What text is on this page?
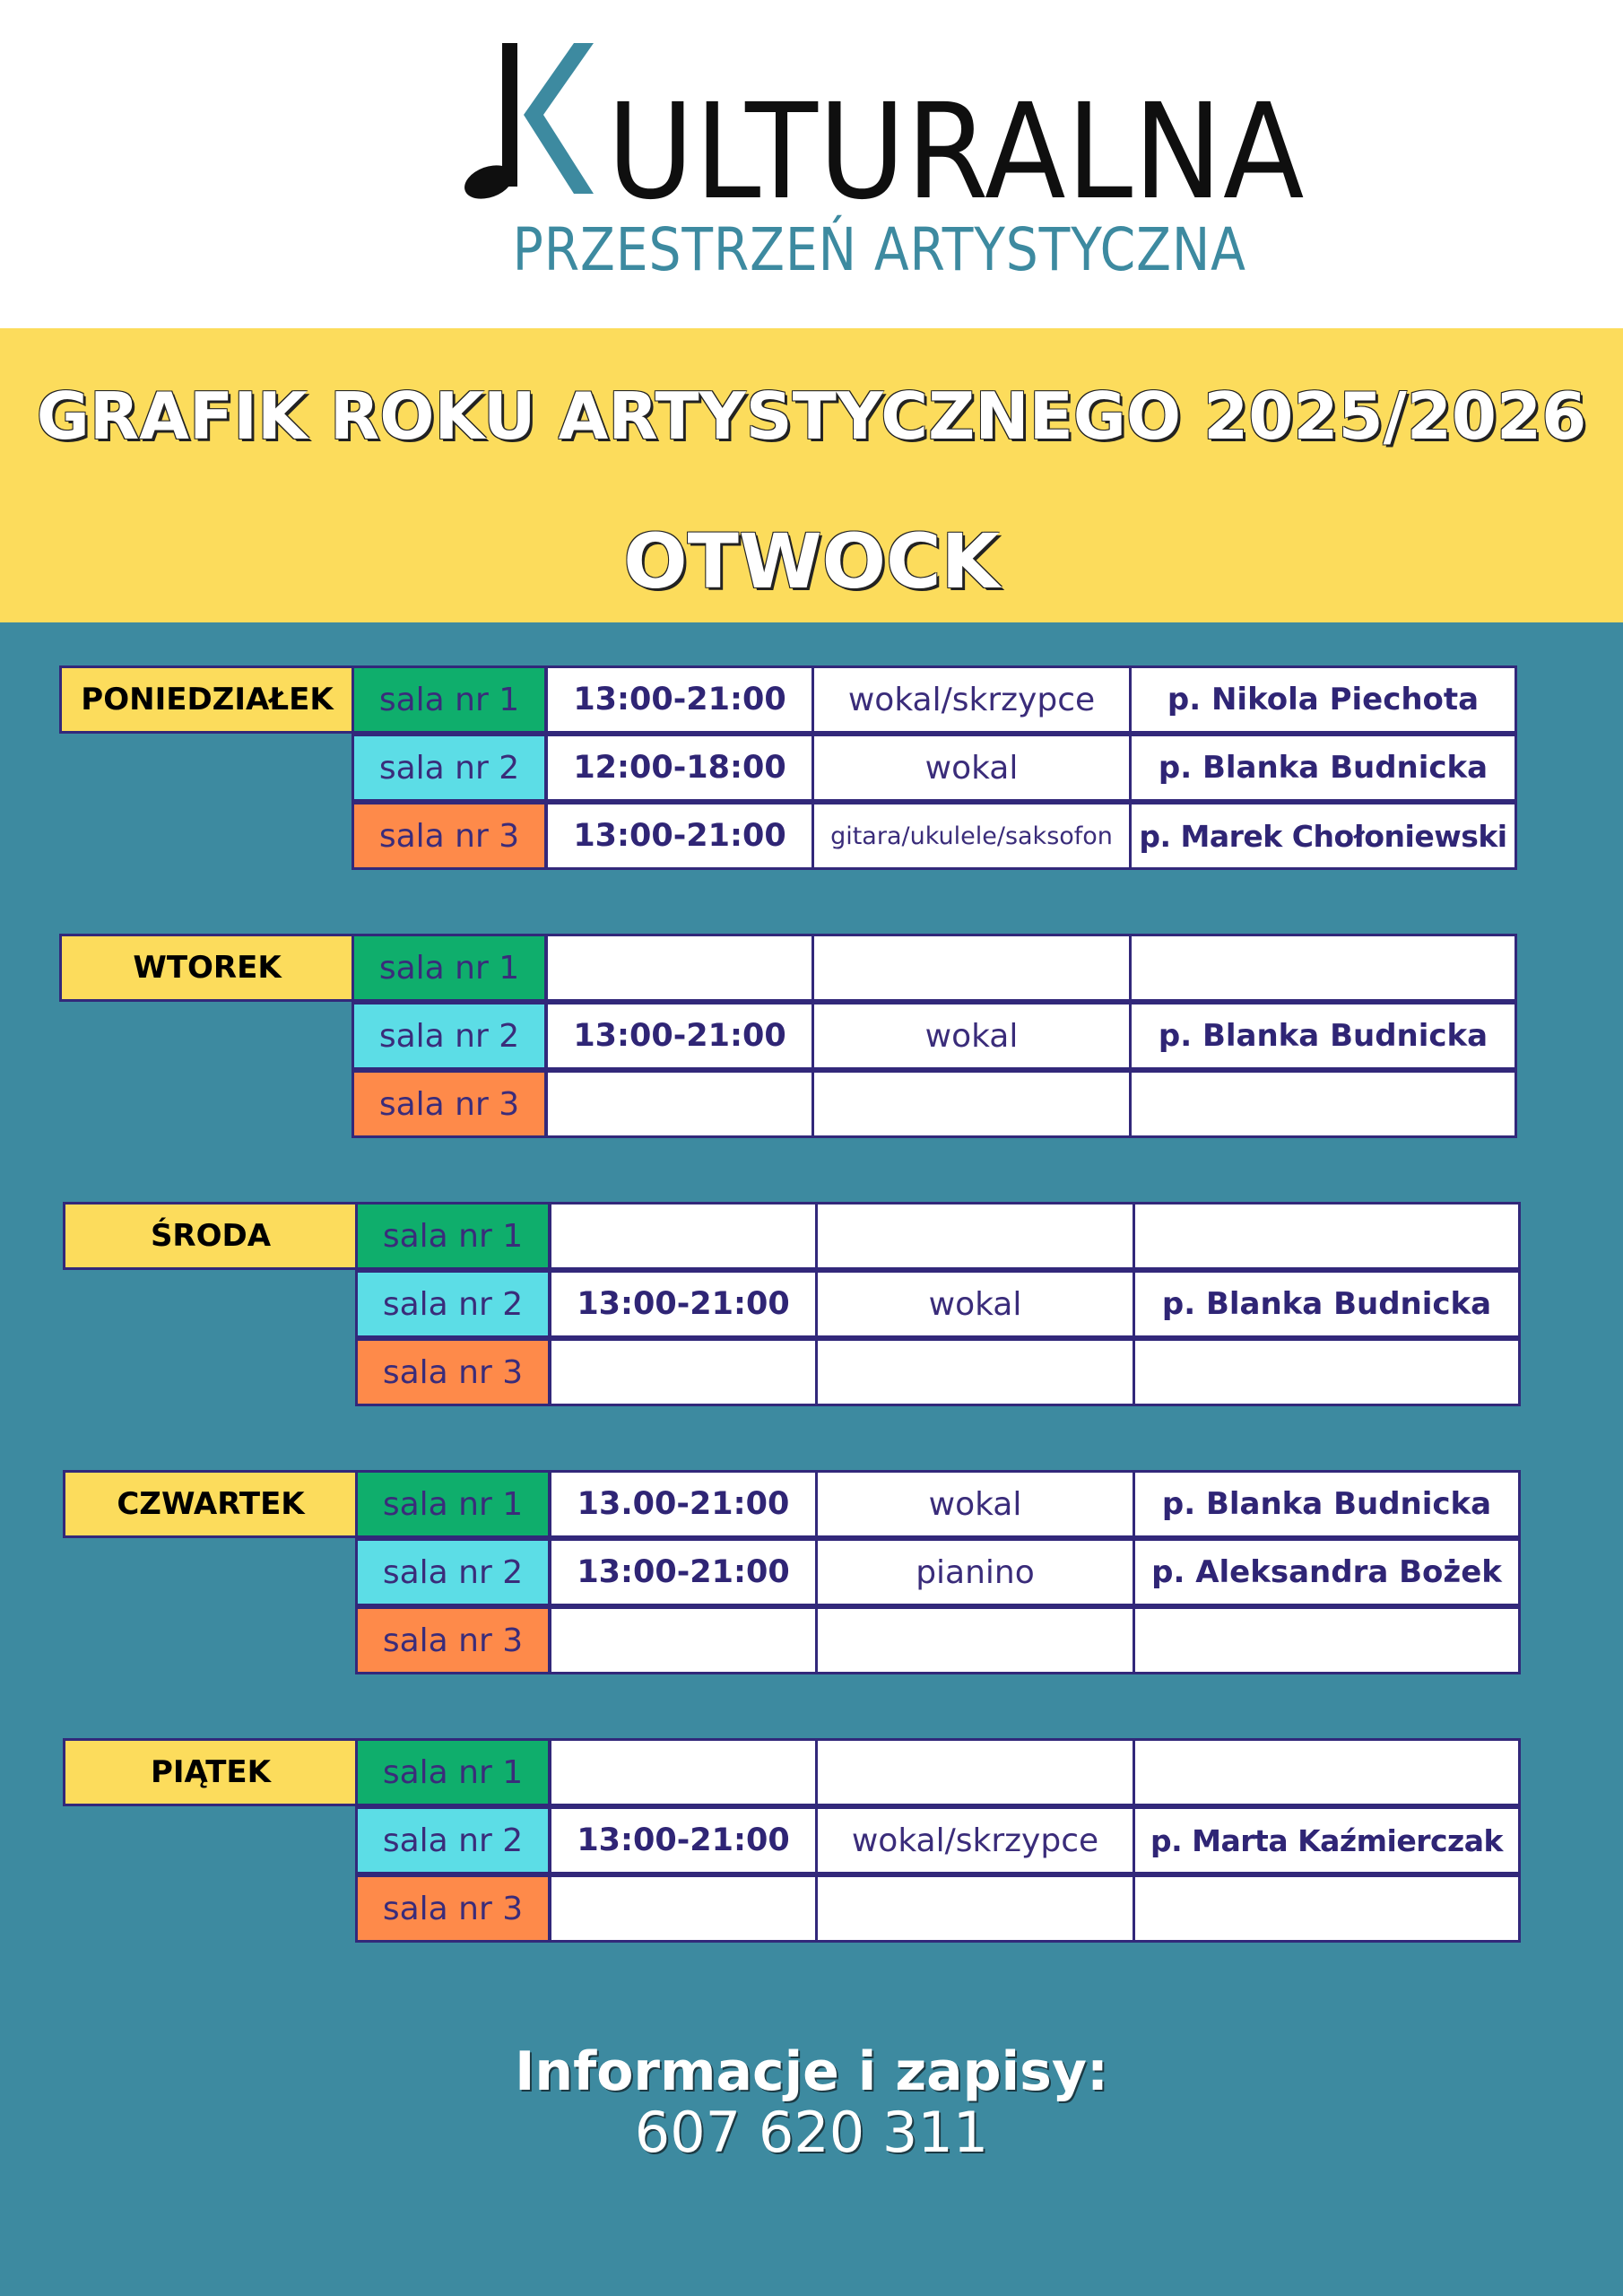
ULTURALNA
PRZESTRZEŃ ARTYSTYCZNA
GRAFIK ROKU ARTYSTYCZNEGO 2025/2026
OTWOCK
PONIEDZIAŁEK	sala nr 1	13:00-21:00	wokal/skrzypce	p. Nikola Piechota
sala nr 2	12:00-18:00	wokal	p. Blanka Budnicka
sala nr 3	13:00-21:00	gitara/ukulele/saksofon p. Marek Chołoniewski
WTOREK	sala nr 1
sala nr 2	13:00-21:00	wokal	p. Blanka Budnicka
sala nr 3
ŚRODA	sala nr 1
sala nr 2	13:00-21:00	wokal	p. Blanka Budnicka
sala nr 3
CZWARTEK	sala nr 1	13.00-21:00	wokal	p. Blanka Budnicka
sala nr 2	13:00-21:00	pianino	p. Aleksandra Bożek
sala nr 3
PIĄTEK	sala nr 1
sala nr 2	13:00-21:00	wokal/skrzypce	p. Marta Kaźmierczak
sala nr 3
Informacje i zapisy:
607 620 311
